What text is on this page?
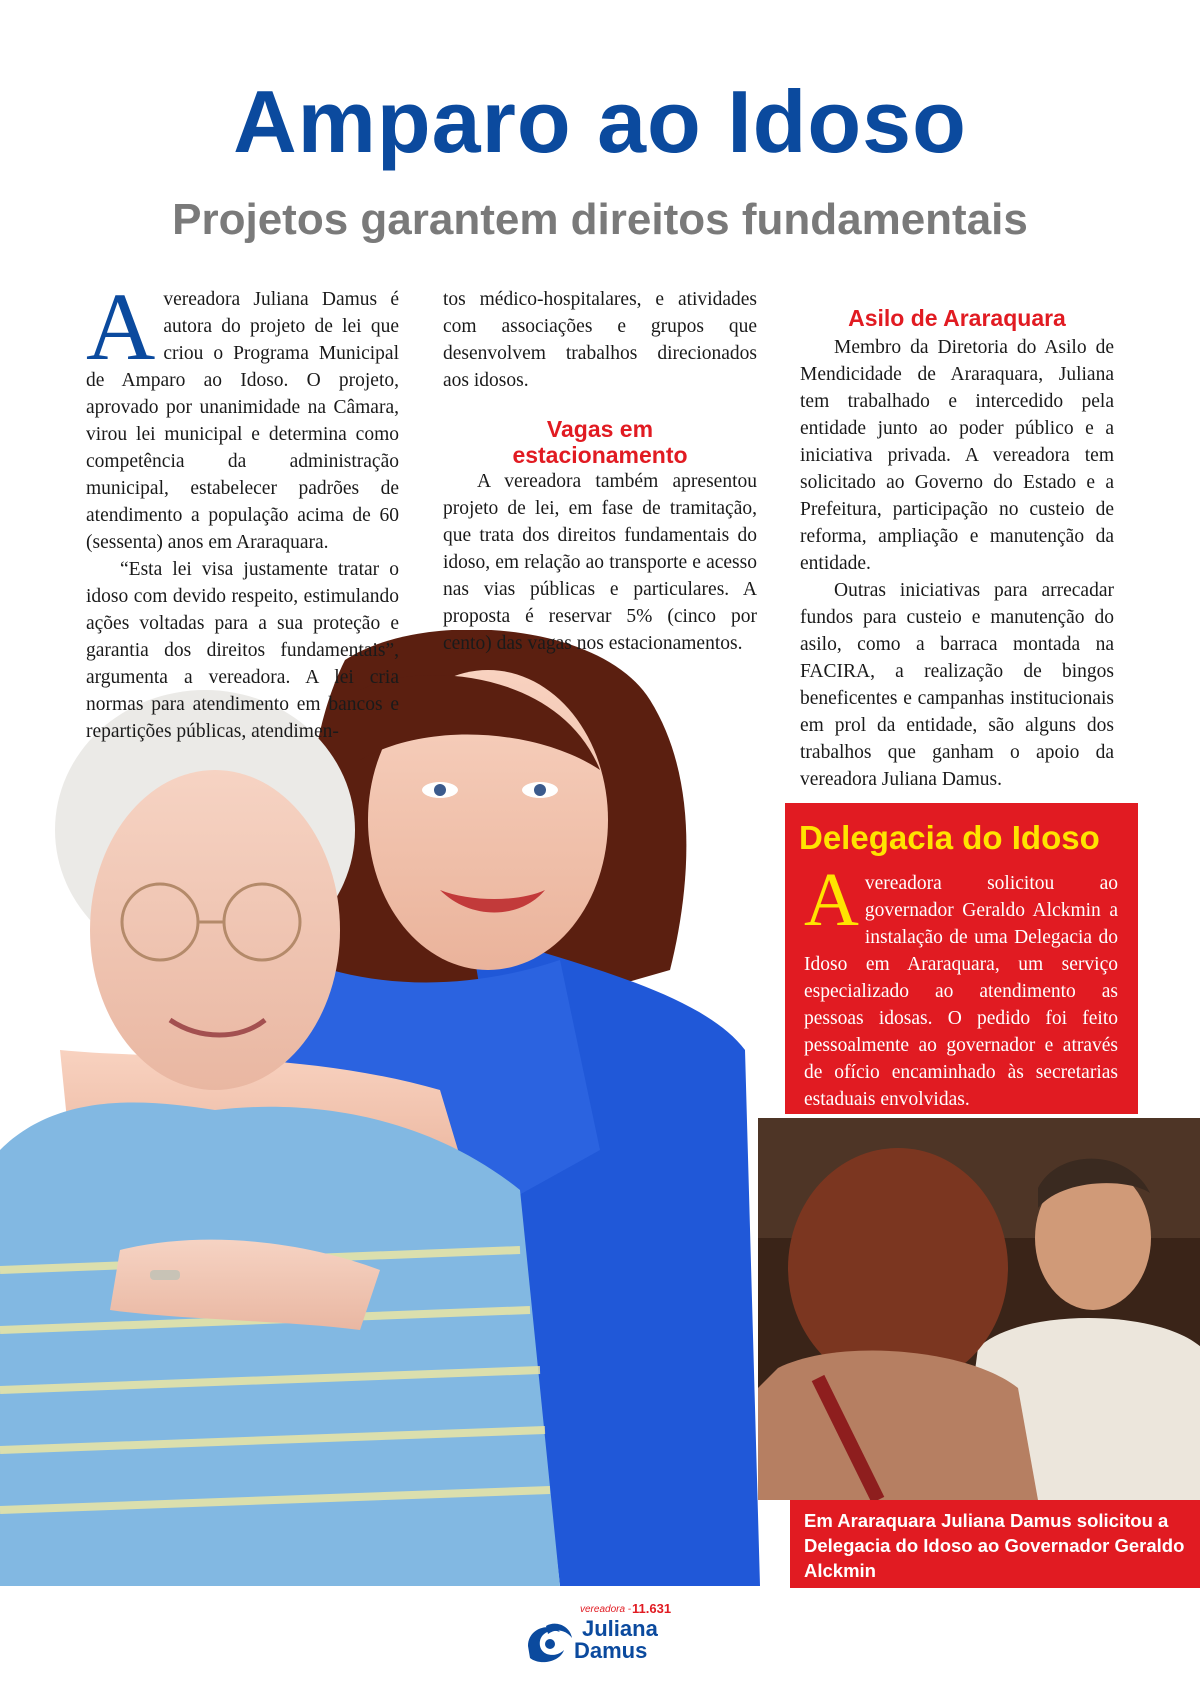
Amparo ao Idoso
Projetos garantem direitos fundamentais

A vereadora Juliana Damus é autora do projeto de lei que criou o Programa Municipal de Amparo ao Idoso. O projeto, aprovado por unanimidade na Câmara, virou lei municipal e determina como competência da administração municipal, estabelecer padrões de atendimento a população acima de 60 (sessenta) anos em Araraquara.

“Esta lei visa justamente tratar o idoso com devido respeito, estimulando ações voltadas para a sua proteção e garantia dos direitos fundamentais”, argumenta a vereadora. A lei cria normas para atendimento em bancos e repartições públicas, atendimen-

tos médico-hospitalares, e atividades com associações e grupos que desenvolvem trabalhos direcionados aos idosos.

Vagas em

estacionamento

A vereadora também apresentou projeto de lei, em fase de tramitação, que trata dos direitos fundamentais do idoso, em relação ao transporte e acesso nas vias públicas e particulares. A proposta é reservar 5% (cinco por cento) das vagas nos estacionamentos.

Asilo de Araraquara

Membro da Diretoria do Asilo de Mendicidade de Araraquara, Juliana tem trabalhado e intercedido pela entidade junto ao poder público e a iniciativa privada. A vereadora tem solicitado ao Governo do Estado e a Prefeitura, participação no custeio de reforma, ampliação e manutenção da entidade.

Outras iniciativas para arrecadar fundos para custeio e manutenção do asilo, como a barraca montada na FACIRA, a realização de bingos beneficentes e campanhas institucionais em prol da entidade, são alguns dos trabalhos que ganham o apoio da vereadora Juliana Damus.

Delegacia do Idoso
A vereadora solicitou ao governador Geraldo Alckmin a instalação de uma Delegacia do Idoso em Araraquara, um serviço especializado ao atendimento as pessoas idosas. O pedido foi feito pessoalmente ao governador e através de ofício encaminhado às secretarias estaduais envolvidas.
Em Araraquara Juliana Damus solicitou a Delegacia do Idoso ao Governador Geraldo Alckmin
vereadora - 11.631
Juliana
Damus
